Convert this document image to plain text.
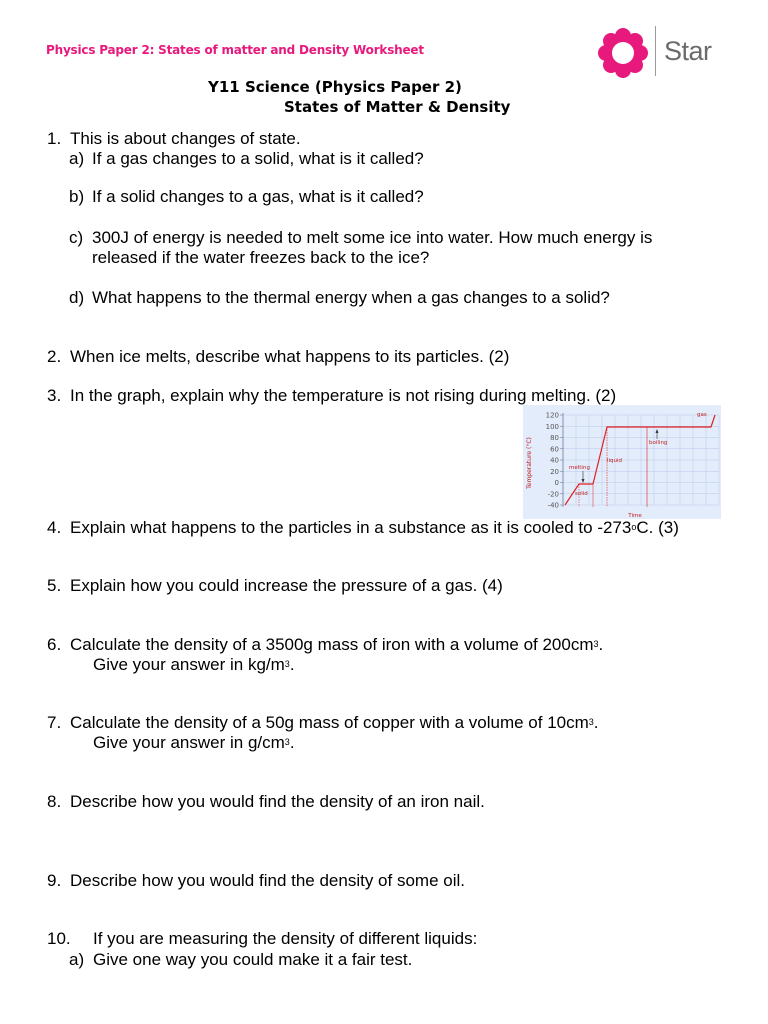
Physics Paper 2: States of matter and Density Worksheet	Star
Y11 Science (Physics Paper 2)
States of Matter & Density
1. This is about changes of state.
a) If a gas changes to a solid, what is it called?
b) If a solid changes to a gas, what is it called?
c) 300J of energy is needed to melt some ice into water. How much energy is
released if the water freezes back to the ice?
d) What happens to the thermal energy when a gas changes to a solid?
2. When ice melts, describe what happens to its particles. (2)
3. In the graph, explain why the temperature is not rising during melting. (2)
120
100
80
60
40
20
0
-20
-40
Temperature (°C)
Time
gas
boiling
liquid
melting
solid
4. Explain what happens to the particles in a substance as it is cooled to -273$^o$C. (3)
5. Explain how you could increase the pressure of a gas. (4)
6. Calculate the density of a 3500g mass of iron with a volume of $200cm^3$.
Give your answer in $kg/m^3$.
7. Calculate the density of a 50g mass of copper with a volume of $10cm^3$.
Give your answer in $g/cm^3$.
8. Describe how you would find the density of an iron nail.
9. Describe how you would find the density of some oil.
10. If you are measuring the density of different liquids:
a) Give one way you could make it a fair test.
